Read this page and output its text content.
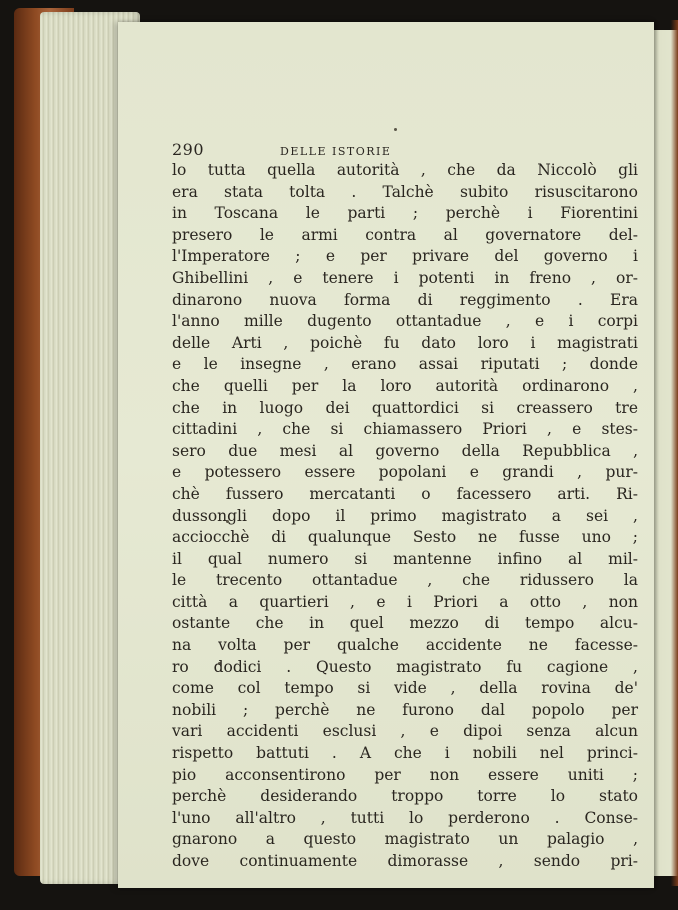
290	DELLE ISTORIE
lo tutta quella autorità , che da Niccolò gli
era stata tolta . Talchè subito risuscitarono
in Toscana le parti ; perchè i Fiorentini
presero le armi contra al governatore del-
l'Imperatore ; e per privare del governo i
Ghibellini , e tenere i potenti in freno , or-
dinarono nuova forma di reggimento . Era
l'anno mille dugento ottantadue , e i corpi
delle Arti , poichè fu dato loro i magistrati
e le insegne , erano assai riputati ; donde
che quelli per la loro autorità ordinarono ,
che in luogo dei quattordici si creassero tre
cittadini , che si chiamassero Priori , e stes-
sero due mesi al governo della Repubblica ,
e potessero essere popolani e grandi , pur-
chè fussero mercatanti o facessero arti. Ri-
dussongli dopo il primo magistrato a sei ,
acciocchè di qualunque Sesto ne fusse uno ;
il qual numero si mantenne infino al mil-
le trecento ottantadue , che ridussero la
città a quartieri , e i Priori a otto , non
ostante che in quel mezzo di tempo alcu-
na volta per qualche accidente ne facesse-
ro dodici . Questo magistrato fu cagione ,
come col tempo si vide , della rovina de'
nobili ; perchè ne furono dal popolo per
vari accidenti esclusi , e dipoi senza alcun
rispetto battuti . A che i nobili nel princi-
pio acconsentirono per non essere uniti ;
perchè desiderando troppo torre lo stato
l'uno all'altro , tutti lo perderono . Conse-
gnarono a questo magistrato un palagio ,
dove continuamente dimorasse , sendo pri-
